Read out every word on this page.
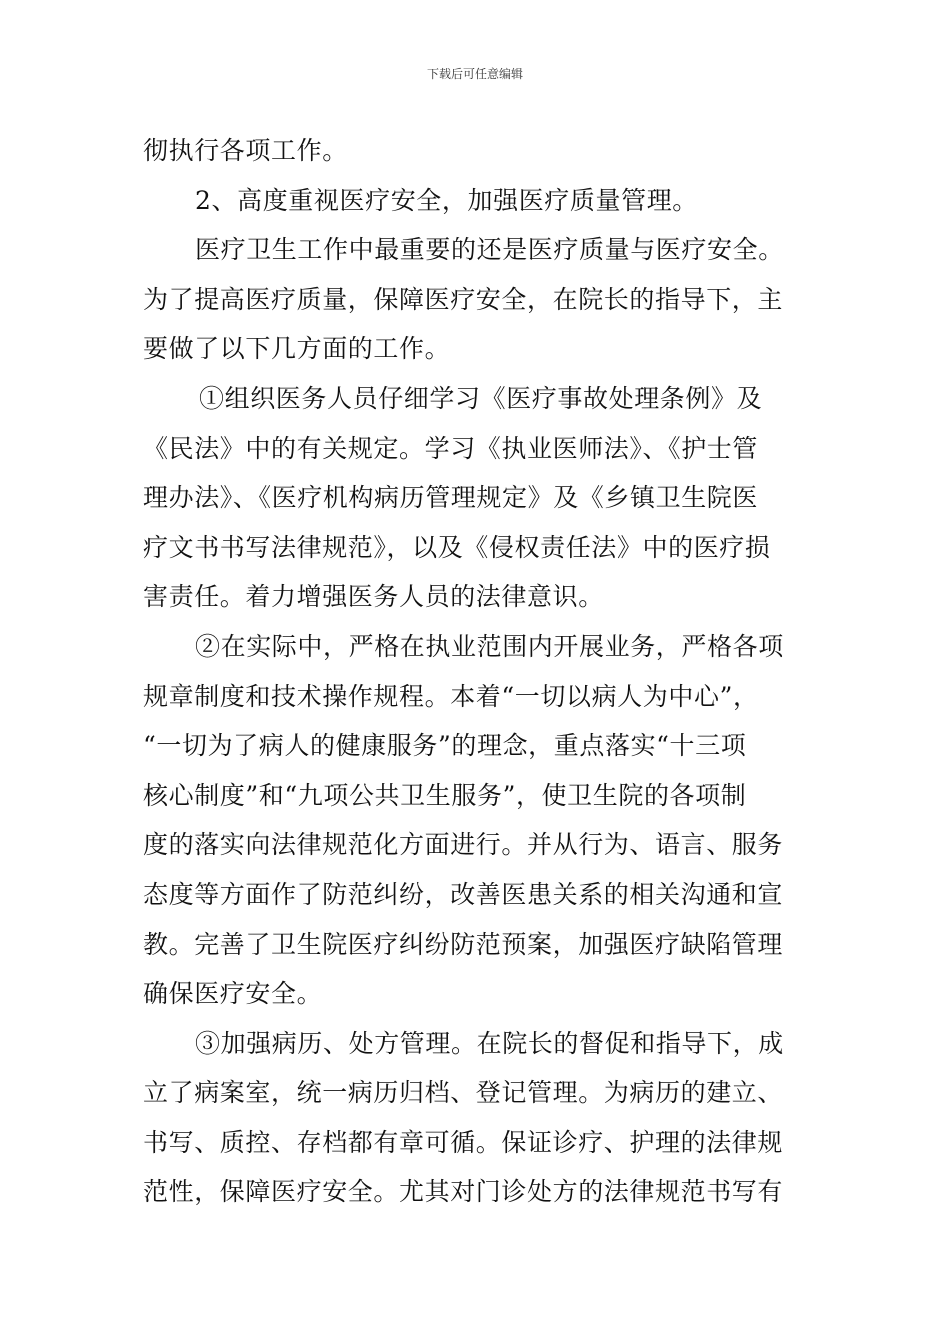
下载后可任意编辑
彻执行各项工作。
2、高度重视医疗安全，加强医疗质量管理。
医疗卫生工作中最重要的还是医疗质量与医疗安全。
为了提高医疗质量，保障医疗安全，在院长的指导下，主
要做了以下几方面的工作。
①组织医务人员仔细学习《医疗事故处理条例》及
《民法》中的有关规定。学习《执业医师法》、《护士管
理办法》、《医疗机构病历管理规定》及《乡镇卫生院医
疗文书书写法律规范》，以及《侵权责任法》中的医疗损
害责任。着力增强医务人员的法律意识。
②在实际中，严格在执业范围内开展业务，严格各项
规章制度和技术操作规程。本着“一切以病人为中心”，
“一切为了病人的健康服务”的理念，重点落实“十三项
核心制度”和“九项公共卫生服务”，使卫生院的各项制
度的落实向法律规范化方面进行。并从行为、语言、服务
态度等方面作了防范纠纷，改善医患关系的相关沟通和宣
教。完善了卫生院医疗纠纷防范预案，加强医疗缺陷管理
确保医疗安全。
③加强病历、处方管理。在院长的督促和指导下，成
立了病案室，统一病历归档、登记管理。为病历的建立、
书写、质控、存档都有章可循。保证诊疗、护理的法律规
范性，保障医疗安全。尤其对门诊处方的法律规范书写有
